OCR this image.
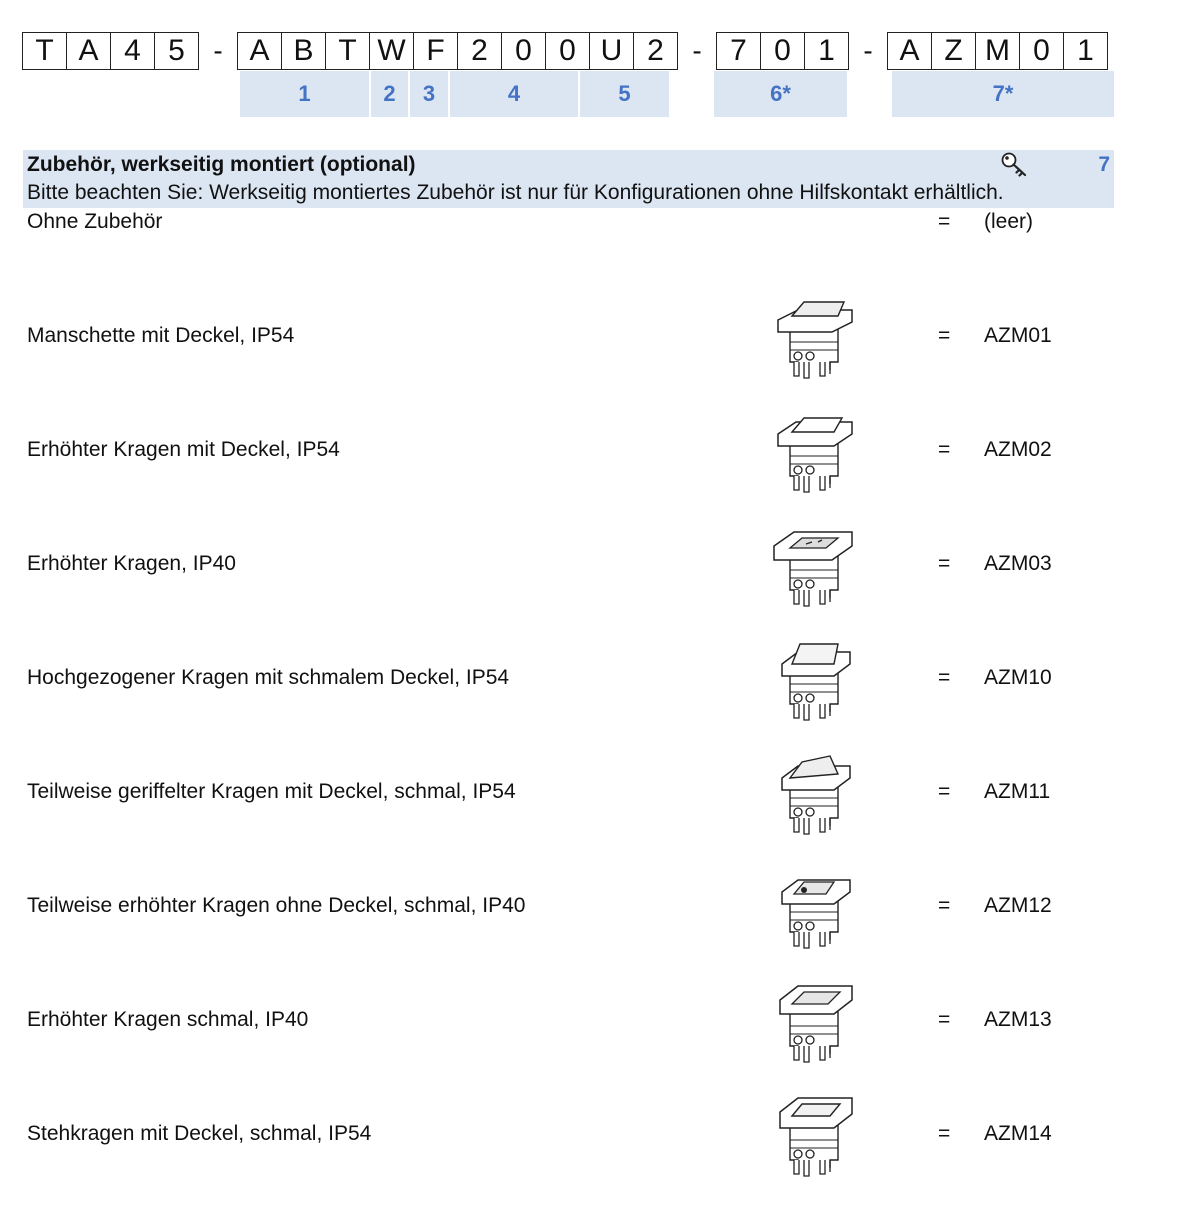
T A 4 5	- A B T W F 2 0 0 U 2	- 7 0 1	- A Z M 0 1
1	2	3	4	5	6*	7*
Zubehör, werkseitig montiert (optional)
Bitte beachten Sie: Werkseitig montiertes Zubehör ist nur für Konfigurationen ohne Hilfskontakt erhältlich.
7
Ohne Zubehör	= (leer)
Manschette mit Deckel, IP54	= AZM01
Erhöhter Kragen mit Deckel, IP54	= AZM02
Erhöhter Kragen, IP40	= AZM03
Hochgezogener Kragen mit schmalem Deckel, IP54	= AZM10
Teilweise geriffelter Kragen mit Deckel, schmal, IP54	= AZM11
Teilweise erhöhter Kragen ohne Deckel, schmal, IP40	= AZM12
Erhöhter Kragen schmal, IP40	= AZM13
Stehkragen mit Deckel, schmal, IP54	= AZM14
